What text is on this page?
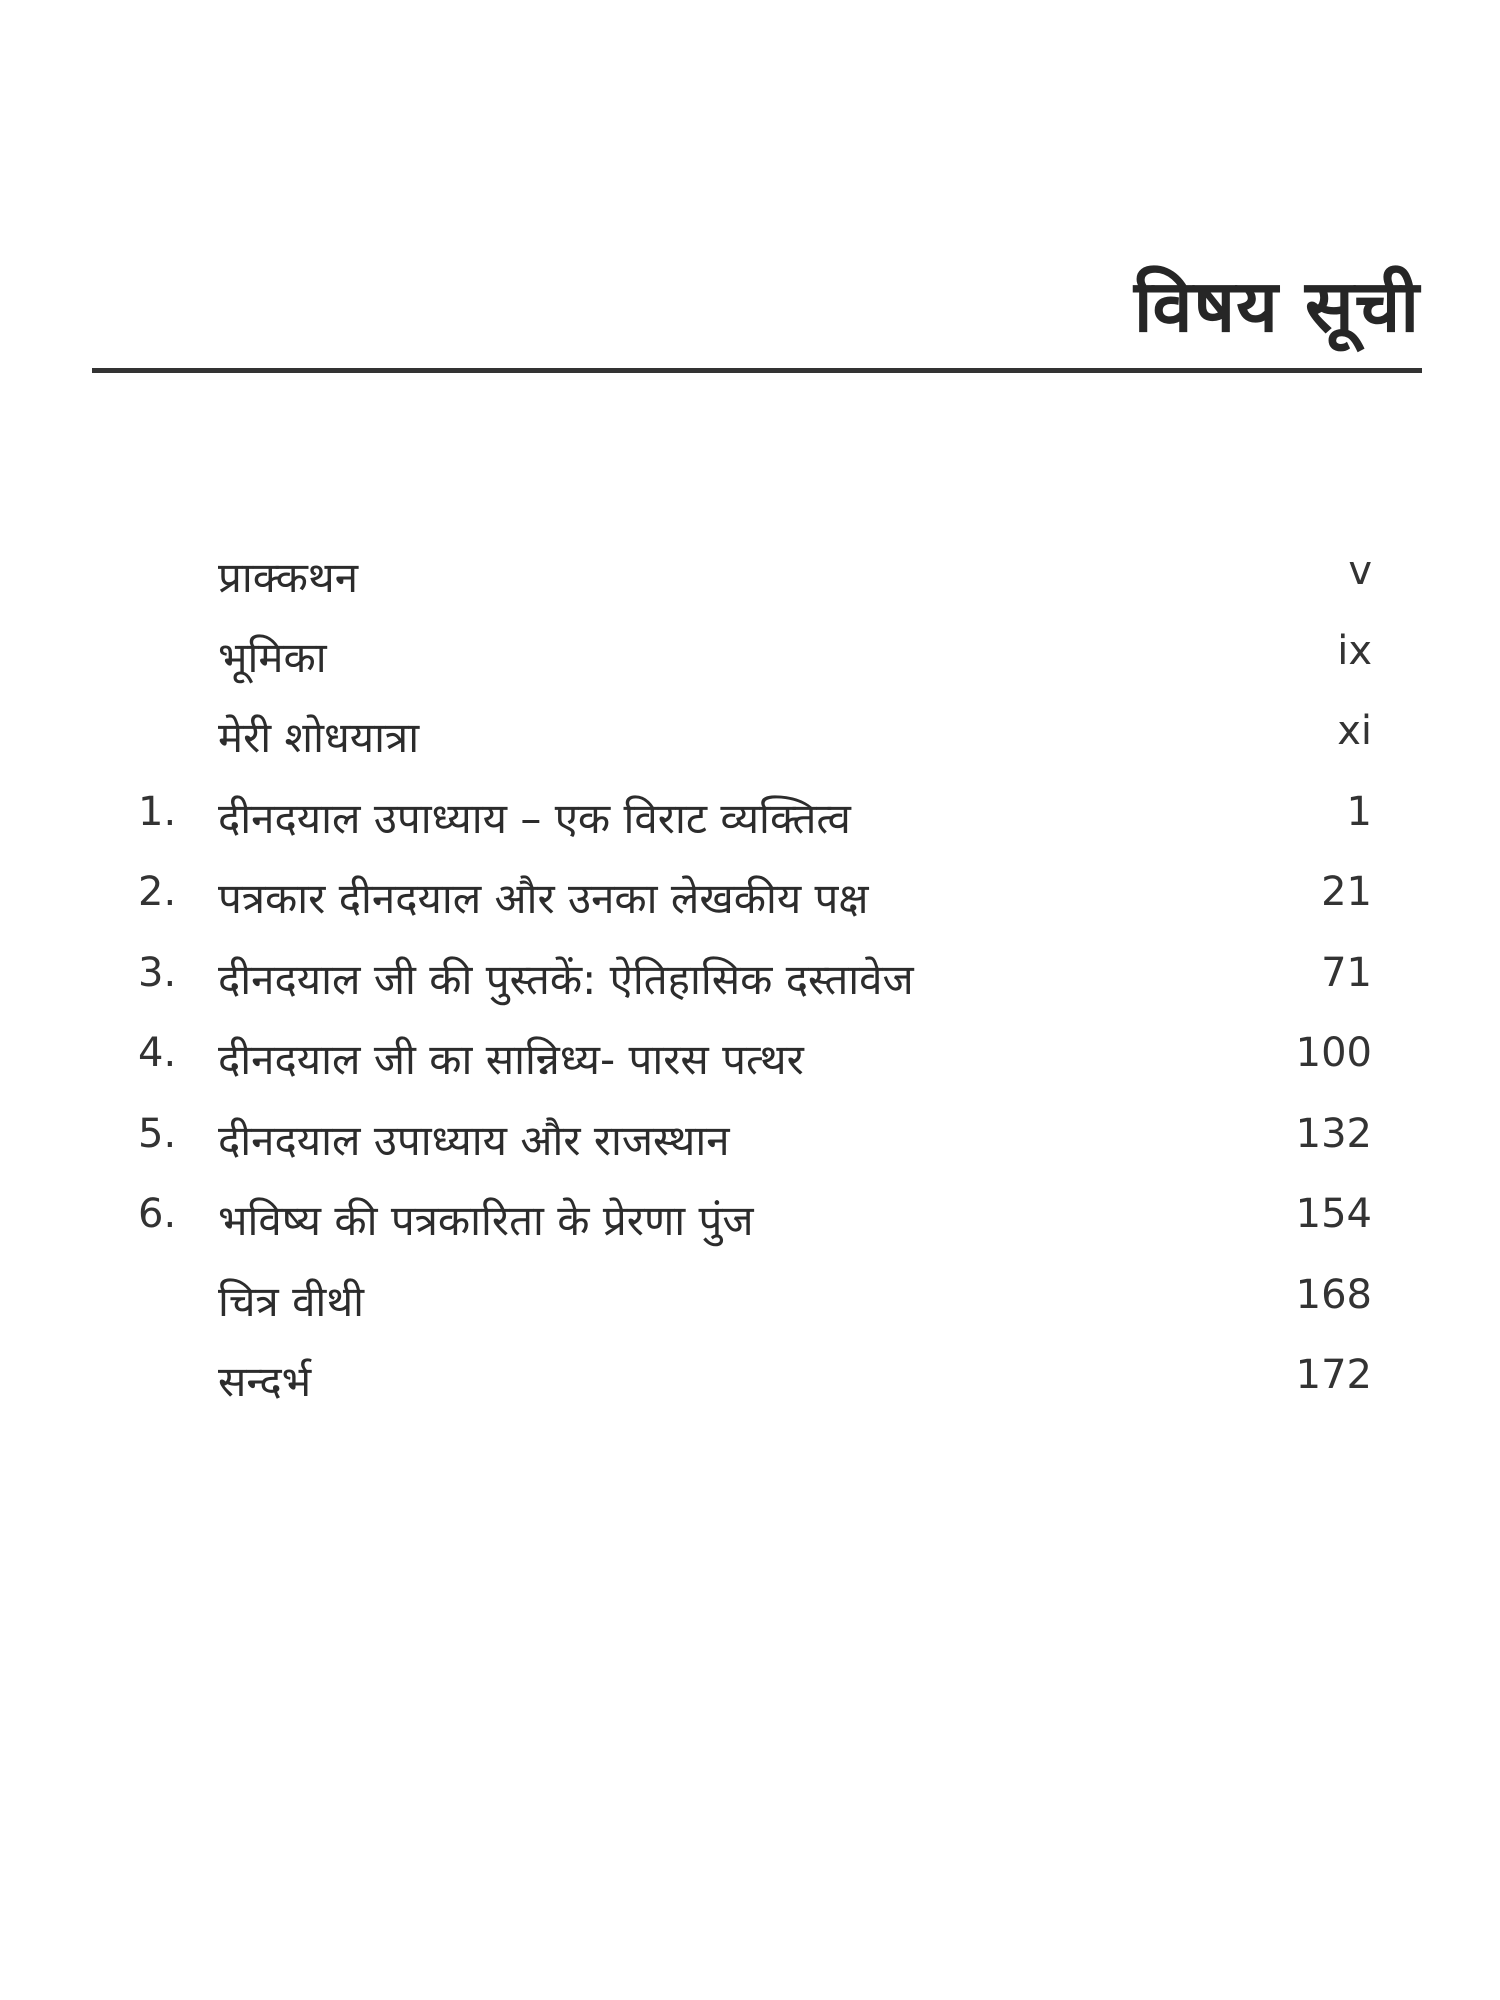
विषय सूची
प्राक्कथन	v
भूमिका	ix
मेरी शोधयात्रा	xi
1. दीनदयाल उपाध्याय – एक विराट व्यक्तित्व	1
2. पत्रकार दीनदयाल और उनका लेखकीय पक्ष	21
3. दीनदयाल जी की पुस्तकें: ऐतिहासिक दस्तावेज	71
4. दीनदयाल जी का सान्निध्य- पारस पत्थर	100
5. दीनदयाल उपाध्याय और राजस्थान	132
6. भविष्य की पत्रकारिता के प्रेरणा पुंज	154
चित्र वीथी	168
सन्दर्भ	172
